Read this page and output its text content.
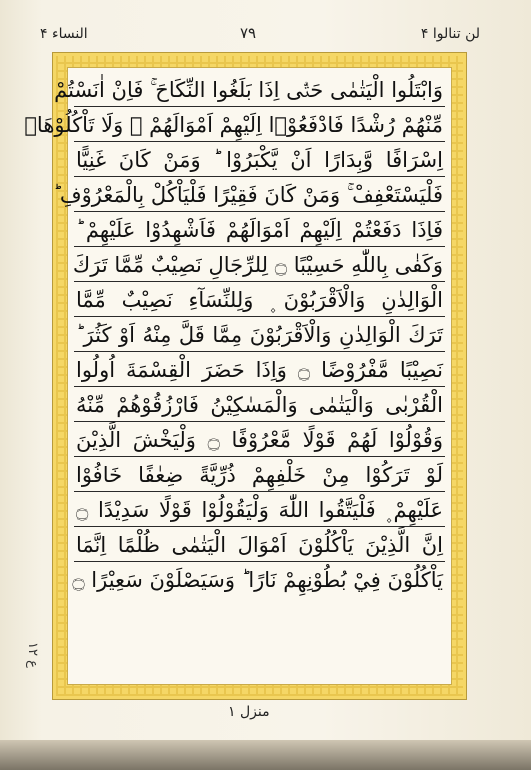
النساء ۴	۷۹	لن تنالوا ۴
وَابْتَلُوا الْيَتٰمٰى حَتّٰۤى اِذَا بَلَغُوا النِّكَاحَ ۚ فَاِنْ اٰنَسْتُمْ
مِّنْهُمْ رُشْدًا فَادْفَعُوْۤا اِلَيْهِمْ اَمْوَالَهُمْ ۚ وَلَا تَاْكُلُوْهَاۤ
اِسْرَافًا وَّبِدَارًا اَنْ يَّكْبَرُوْا ؕ وَمَنْ كَانَ غَنِيًّا
فَلْيَسْتَعْفِفْ ۚ وَمَنْ كَانَ فَقِيْرًا فَلْيَاْكُلْ بِالْمَعْرُوْفِ ؕ
فَاِذَا دَفَعْتُمْ اِلَيْهِمْ اَمْوَالَهُمْ فَاَشْهِدُوْا عَلَيْهِمْ ؕ
وَكَفٰى بِاللّٰهِ حَسِيْبًا ۝ لِلرِّجَالِ نَصِيْبٌ مِّمَّا تَرَكَ
الْوَالِدٰنِ وَالْاَقْرَبُوْنَ ۪ وَلِلنِّسَآءِ نَصِيْبٌ مِّمَّا
تَرَكَ الْوَالِدٰنِ وَالْاَقْرَبُوْنَ مِمَّا قَلَّ مِنْهُ اَوْ كَثُرَ ؕ
نَصِيْبًا مَّفْرُوْضًا ۝ وَاِذَا حَضَرَ الْقِسْمَةَ اُولُوا
الْقُرْبٰى وَالْيَتٰمٰى وَالْمَسٰكِيْنُ فَارْزُقُوْهُمْ مِّنْهُ
وَقُوْلُوْا لَهُمْ قَوْلًا مَّعْرُوْفًا ۝ وَلْيَخْشَ الَّذِيْنَ
لَوْ تَرَكُوْا مِنْ خَلْفِهِمْ ذُرِّيَّةً ضِعٰفًا خَافُوْا
عَلَيْهِمْ ۪ فَلْيَتَّقُوا اللّٰهَ وَلْيَقُوْلُوْا قَوْلًا سَدِيْدًا ۝
اِنَّ الَّذِيْنَ يَاْكُلُوْنَ اَمْوَالَ الْيَتٰمٰى ظُلْمًا اِنَّمَا
يَاْكُلُوْنَ فِيْ بُطُوْنِهِمْ نَارًا ؕ وَسَيَصْلَوْنَ سَعِيْرًا ۝
ع ۱۲
منزل ۱
